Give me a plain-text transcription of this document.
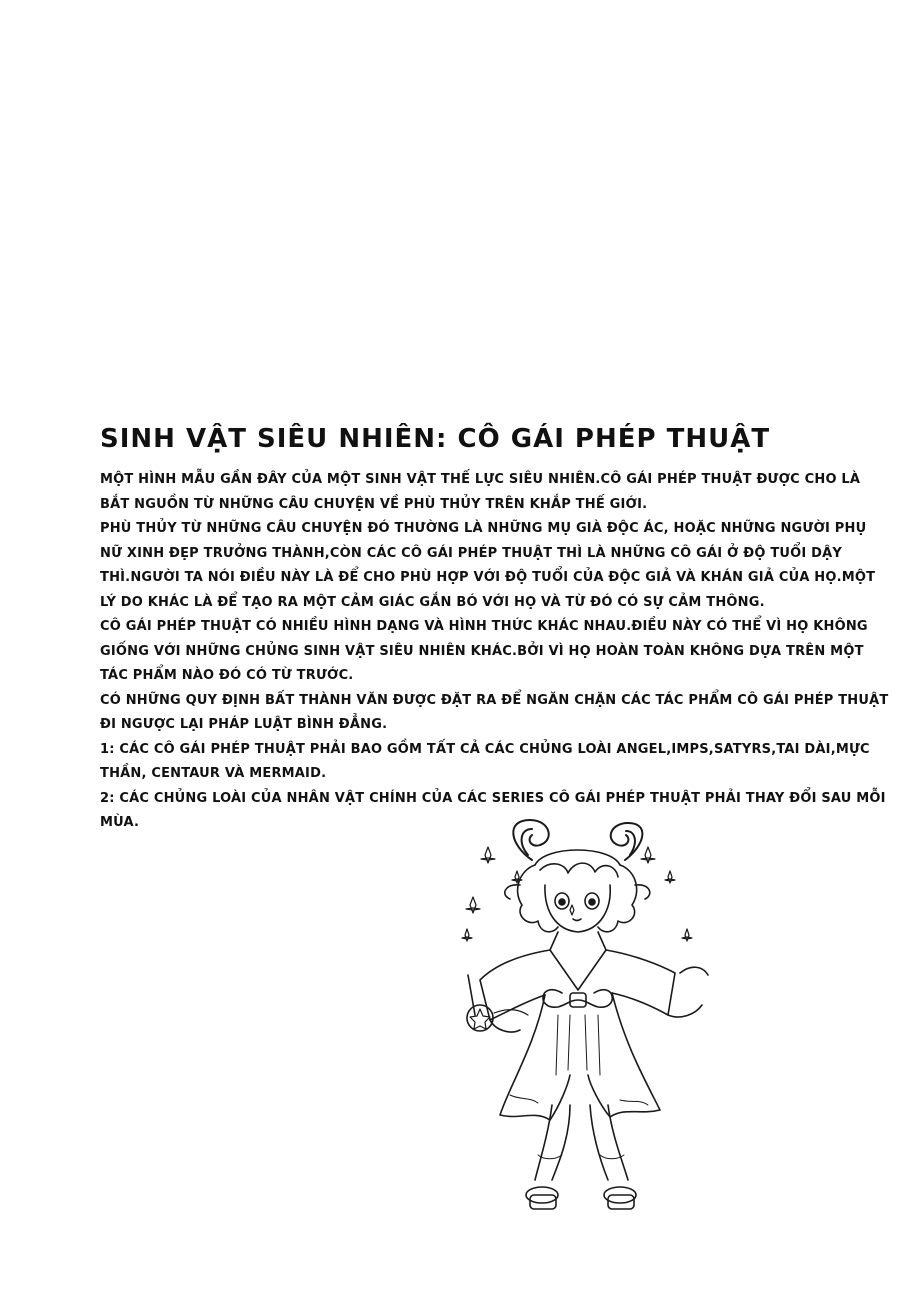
SINH VẬT SIÊU NHIÊN: CÔ GÁI PHÉP THUẬT

MỘT HÌNH MẪU GẦN ĐÂY CỦA MỘT SINH VẬT THẾ LỰC SIÊU NHIÊN.CÔ GÁI PHÉP THUẬT ĐƯỢC CHO LÀ BẮT NGUỒN TỪ NHỮNG CÂU CHUYỆN VỀ PHÙ THỦY TRÊN KHẮP THẾ GIỚI.

PHÙ THỦY TỪ NHỮNG CÂU CHUYỆN ĐÓ THƯỜNG LÀ NHỮNG MỤ GIÀ ĐỘC ÁC, HOẶC NHỮNG NGƯỜI PHỤ NỮ XINH ĐẸP TRƯỞNG THÀNH,CÒN CÁC CÔ GÁI PHÉP THUẬT THÌ LÀ NHỮNG CÔ GÁI Ở ĐỘ TUỔI DẬY THÌ.NGƯỜI TA NÓI ĐIỀU NÀY LÀ ĐỂ CHO PHÙ HỢP VỚI ĐỘ TUỔI CỦA ĐỘC GIẢ VÀ KHÁN GIẢ CỦA HỌ.MỘT LÝ DO KHÁC LÀ ĐỂ TẠO RA MỘT CẢM GIÁC GẮN BÓ VỚI HỌ VÀ TỪ ĐÓ CÓ SỰ CẢM THÔNG.

CÔ GÁI PHÉP THUẬT CÓ NHIỀU HÌNH DẠNG VÀ HÌNH THỨC KHÁC NHAU.ĐIỀU NÀY CÓ THỂ VÌ HỌ KHÔNG GIỐNG VỚI NHỮNG CHỦNG SINH VẬT SIÊU NHIÊN KHÁC.BỞI VÌ HỌ HOÀN TOÀN KHÔNG DỰA TRÊN MỘT TÁC PHẨM NÀO ĐÓ CÓ TỪ TRƯỚC.

CÓ NHỮNG QUY ĐỊNH BẤT THÀNH VĂN ĐƯỢC ĐẶT RA ĐỂ NGĂN CHẶN CÁC TÁC PHẨM CÔ GÁI PHÉP THUẬT ĐI NGƯỢC LẠI PHÁP LUẬT BÌNH ĐẲNG.

1: CÁC CÔ GÁI PHÉP THUẬT PHẢI BAO GỒM TẤT CẢ CÁC CHỦNG LOÀI ANGEL,IMPS,SATYRS,TAI DÀI,MỰC THẦN, CENTAUR VÀ MERMAID.

2: CÁC CHỦNG LOÀI CỦA NHÂN VẬT CHÍNH CỦA CÁC SERIES CÔ GÁI PHÉP THUẬT PHẢI THAY ĐỔI SAU MỖI MÙA.
